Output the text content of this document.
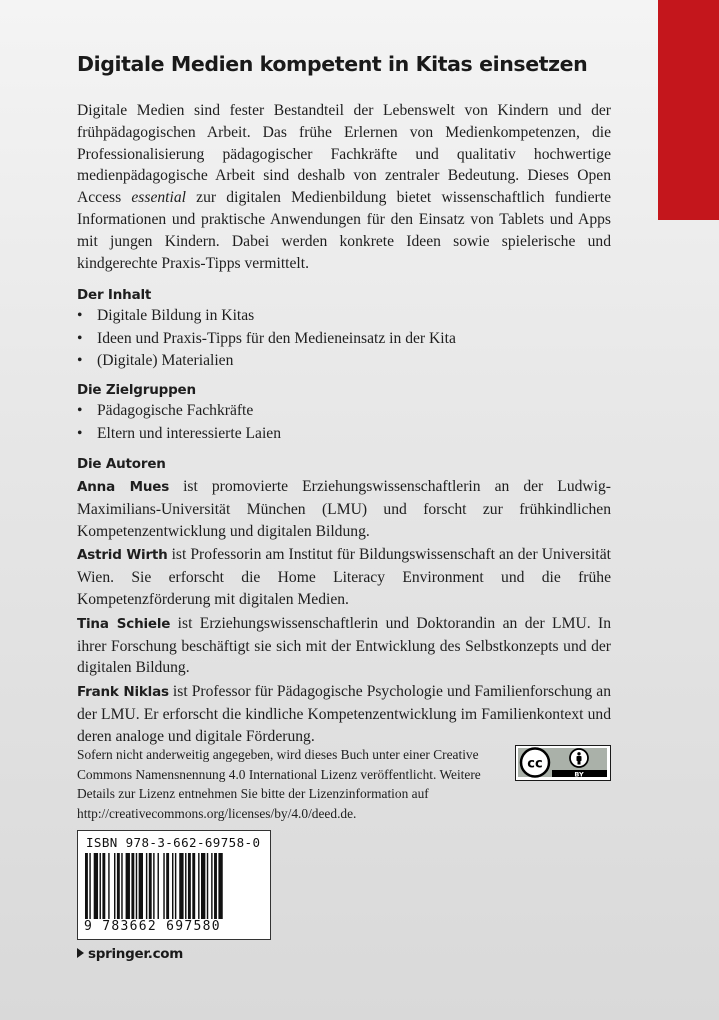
Digitale Medien kompetent in Kitas einsetzen

Digitale Medien sind fester Bestandteil der Lebenswelt von Kindern und der frühpädagogischen Arbeit. Das frühe Erlernen von Medienkompetenzen, die Professionalisierung pädagogischer Fachkräfte und qualitativ hochwertige medienpädagogische Arbeit sind deshalb von zentraler Bedeutung. Dieses Open Access essential zur digitalen Medienbildung bietet wissenschaftlich fundierte Informationen und praktische Anwendungen für den Einsatz von Tablets und Apps mit jungen Kindern. Dabei werden konkrete Ideen sowie spielerische und kindgerechte Praxis-Tipps vermittelt.

Der Inhalt
• Digitale Bildung in Kitas
• Ideen und Praxis-Tipps für den Medieneinsatz in der Kita
• (Digitale) Materialien
Die Zielgruppen
• Pädagogische Fachkräfte
• Eltern und interessierte Laien
Die Autoren

Anna Mues ist promovierte Erziehungswissenschaftlerin an der Ludwig-Maximilians-Universität München (LMU) und forscht zur frühkindlichen Kompetenzentwicklung und digitalen Bildung.

Astrid Wirth ist Professorin am Institut für Bildungswissenschaft an der Universität Wien. Sie erforscht die Home Literacy Environment und die frühe Kompetenzförderung mit digitalen Medien.

Tina Schiele ist Erziehungswissenschaftlerin und Doktorandin an der LMU. In ihrer Forschung beschäftigt sie sich mit der Entwicklung des Selbstkonzepts und der digitalen Bildung.

Frank Niklas ist Professor für Pädagogische Psychologie und Familienforschung an der LMU. Er erforscht die kindliche Kompetenzentwicklung im Familienkontext und deren analoge und digitale Förderung.

Sofern nicht anderweitig angegeben, wird dieses Buch unter einer Creative Commons Namensnennung 4.0 International Lizenz veröffentlicht. Weitere Details zur Lizenz entnehmen Sie bitte der Lizenzinformation auf http://creativecommons.org/licenses/by/4.0/deed.de.
cc
BY
ISBN 978-3-662-69758-0
9 783662 697580
springer.com
